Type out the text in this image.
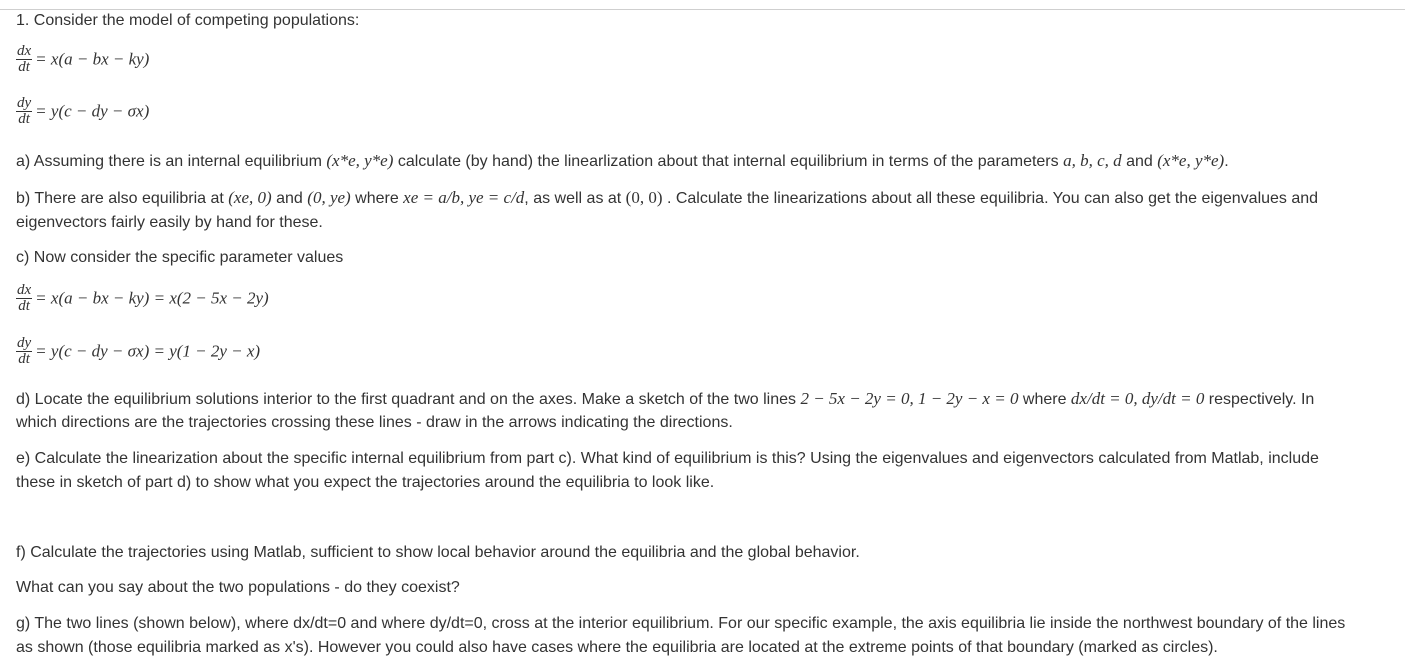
1. Consider the model of competing populations:
$\frac{dx}{dt} = x(a$ − bx − ky)
$\frac{dy}{dt} = y(c$ − dy − σx)
a) Assuming there is an internal equilibrium (x*e, y*e) calculate (by hand) the linearlization about that internal equilibrium in terms of the parameters a, b, c, d and (x*e, y*e).
b) There are also equilibria at (xe, 0) and (0, ye) where xe = a/b, ye = c/d, as well as at (0, 0) . Calculate the linearizations about all these equilibria. You can also get the eigenvalues and
eigenvectors fairly easily by hand for these.
c) Now consider the specific parameter values
$\frac{dx}{dt} = x(a$ − bx − ky) = x(2 − 5x − 2y)
$\frac{dy}{dt} = y(c$ − dy − σx) = y(1 − 2y − x)
d) Locate the equilibrium solutions interior to the first quadrant and on the axes. Make a sketch of the two lines 2 − 5x − 2y = 0, 1 − 2y − x = 0 where dx/dt = 0, dy/dt = 0 respectively. In
which directions are the trajectories crossing these lines - draw in the arrows indicating the directions.
e) Calculate the linearization about the specific internal equilibrium from part c). What kind of equilibrium is this? Using the eigenvalues and eigenvectors calculated from Matlab, include
these in sketch of part d) to show what you expect the trajectories around the equilibria to look like.
f) Calculate the trajectories using Matlab, sufficient to show local behavior around the equilibria and the global behavior.
What can you say about the two populations - do they coexist?
g) The two lines (shown below), where dx/dt=0 and where dy/dt=0, cross at the interior equilibrium. For our specific example, the axis equilibria lie inside the northwest boundary of the lines
as shown (those equilibria marked as x's). However you could also have cases where the equilibria are located at the extreme points of that boundary (marked as circles).
